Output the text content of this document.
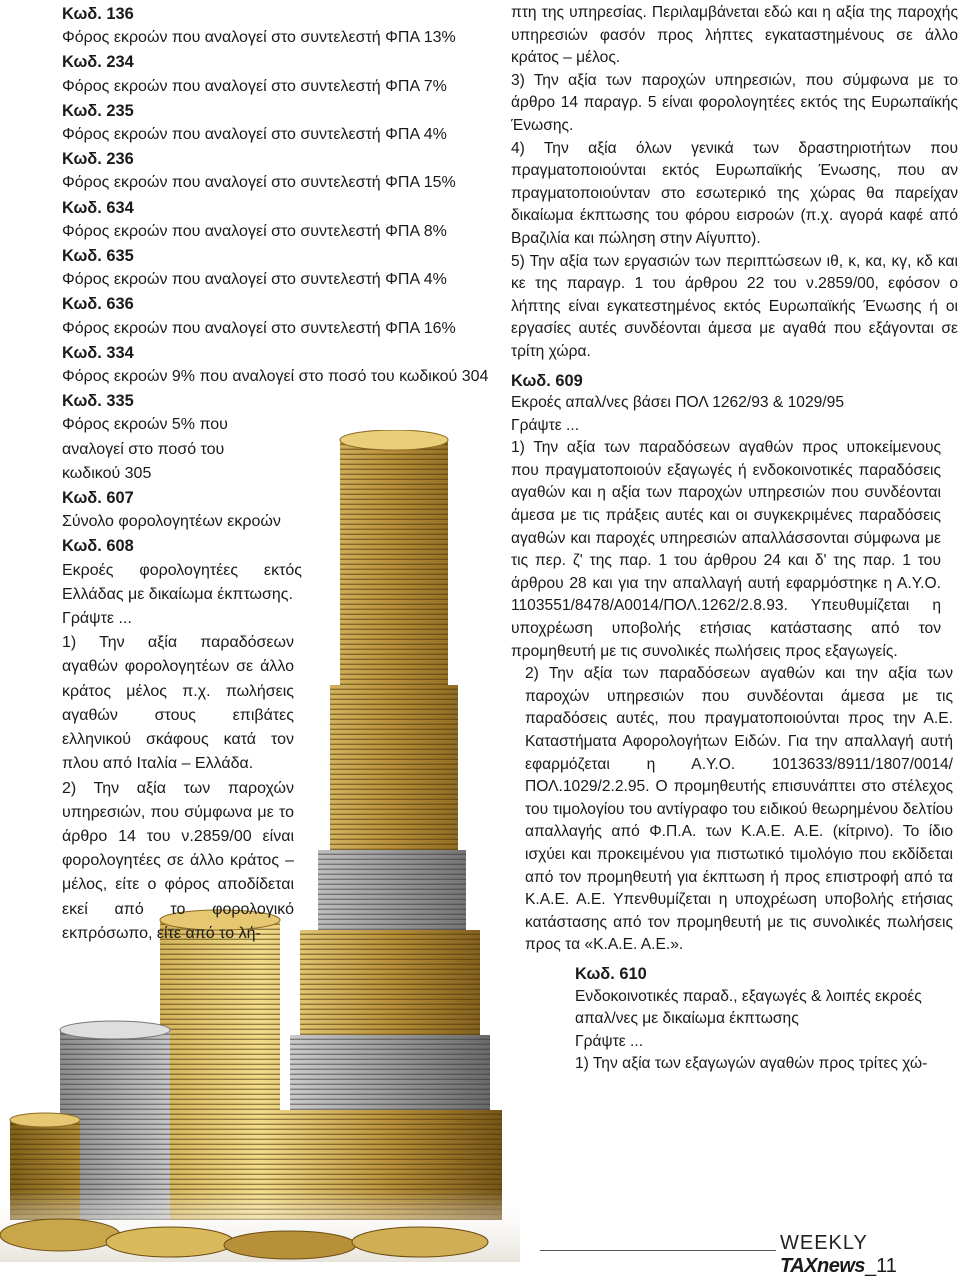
Κωδ. 136
Φόρος εκροών που αναλογεί στο συντελεστή ΦΠΑ 13%
Κωδ. 234
Φόρος εκροών που αναλογεί στο συντελεστή ΦΠΑ 7%
Κωδ. 235
Φόρος εκροών που αναλογεί στο συντελεστή ΦΠΑ 4%
Κωδ. 236
Φόρος εκροών που αναλογεί στο συντελεστή ΦΠΑ 15%
Κωδ. 634
Φόρος εκροών που αναλογεί στο συντελεστή ΦΠΑ 8%
Κωδ. 635
Φόρος εκροών που αναλογεί στο συντελεστή ΦΠΑ 4%
Κωδ. 636
Φόρος εκροών που αναλογεί στο συντελεστή ΦΠΑ 16%
Κωδ. 334
Φόρος εκροών 9% που αναλογεί στο ποσό του κωδικού 304
Κωδ. 335
Φόρος εκροών 5% που αναλογεί στο ποσό του κωδικού 305
Κωδ. 607
Σύνολο φορολογητέων εκροών
Κωδ. 608
Εκροές φορολογητέες εκτός Ελλάδας με δικαίωμα έκπτωσης.
Γράψτε ...
1) Την αξία παραδόσεων αγαθών φορολογητέων σε άλλο κράτος μέλος π.χ. πωλήσεις αγαθών στους επιβάτες ελληνικού σκάφους κατά τον πλου από Ιταλία – Ελλάδα.
2) Την αξία των παροχών υπηρεσιών, που σύμφωνα με το άρθρο 14 του ν.2859/00 είναι φορολογητέες σε άλλο κράτος – μέλος, είτε ο φόρος αποδίδεται εκεί από το φορολογικό εκπρόσωπο, είτε από το λή-

πτη της υπηρεσίας. Περιλαμβάνεται εδώ και η αξία της παροχής υπηρεσιών φασόν προς λήπτες εγκαταστημένους σε άλλο κράτος – μέλος.

3) Την αξία των παροχών υπηρεσιών, που σύμφωνα με το άρθρο 14 παραγρ. 5 είναι φορολογητέες εκτός της Ευρωπαϊκής Ένωσης.

4) Την αξία όλων γενικά των δραστηριοτήτων που πραγματοποιούνται εκτός Ευρωπαϊκής Ένωσης, που αν πραγματοποιούνταν στο εσωτερικό της χώρας θα παρείχαν δικαίωμα έκπτωσης του φόρου εισροών (π.χ. αγορά καφέ από Βραζιλία και πώληση στην Αίγυπτο).

5) Την αξία των εργασιών των περιπτώσεων ιθ, κ, κα, κγ, κδ και κε της παραγρ. 1 του άρθρου 22 του ν.2859/00, εφόσον ο λήπτης είναι εγκατεστημένος εκτός Ευρωπαϊκής Ένωσης ή οι εργασίες αυτές συνδέονται άμεσα με αγαθά που εξάγονται σε τρίτη χώρα.

Κωδ. 609
Εκροές απαλ/νες βάσει ΠΟΛ 1262/93 & 1029/95
Γράψτε ...

1) Την αξία των παραδόσεων αγαθών προς υποκείμενους που πραγματοποιούν εξαγωγές ή ενδοκοινοτικές παραδόσεις αγαθών και η αξία των παροχών υπηρεσιών που συνδέονται άμεσα με τις πράξεις αυτές και οι συγκεκριμένες παραδόσεις αγαθών και παροχές υπηρεσιών απαλλάσσονται σύμφωνα με τις περ. ζ' της παρ. 1 του άρθρου 24 και δ' της παρ. 1 του άρθρου 28 και για την απαλλαγή αυτή εφαρμόστηκε η Α.Υ.Ο. 1103551/8478/Α0014/ΠΟΛ.1262/2.8.93. Υπευθυμίζεται η υποχρέωση υποβολής ετήσιας κατάστασης από τον προμηθευτή με τις συνολικές πωλήσεις προς εξαγωγείς.

2) Την αξία των παραδόσεων αγαθών και την αξία των παροχών υπηρεσιών που συνδέονται άμεσα με τις παραδόσεις αυτές, που πραγματοποιούνται προς την Α.Ε. Καταστήματα Αφορολογήτων Ειδών. Για την απαλλαγή αυτή εφαρμόζεται η Α.Υ.Ο. 1013633/8911/1807/0014/ΠΟΛ.1029/2.2.95. Ο προμηθευτής επισυνάπτει στο στέλεχος του τιμολογίου του αντίγραφο του ειδικού θεωρημένου δελτίου απαλλαγής από Φ.Π.Α. των Κ.Α.Ε. Α.Ε. (κίτρινο). Το ίδιο ισχύει και προκειμένου για πιστωτικό τιμολόγιο που εκδίδεται από τον προμηθευτή για έκπτωση ή προς επιστροφή από τα Κ.Α.Ε. Α.Ε. Υπενθυμίζεται η υποχρέωση υποβολής ετήσιας κατάστασης από τον προμηθευτή με τις συνολικές πωλήσεις προς τα «Κ.Α.Ε. Α.Ε.».

Κωδ. 610
Ενδοκοινοτικές παραδ., εξαγωγές & λοιπές εκροές απαλ/νες με δικαίωμα έκπτωσης
Γράψτε ...

1) Την αξία των εξαγωγών αγαθών προς τρίτες χώ-

WEEKLY TAXnews_11
